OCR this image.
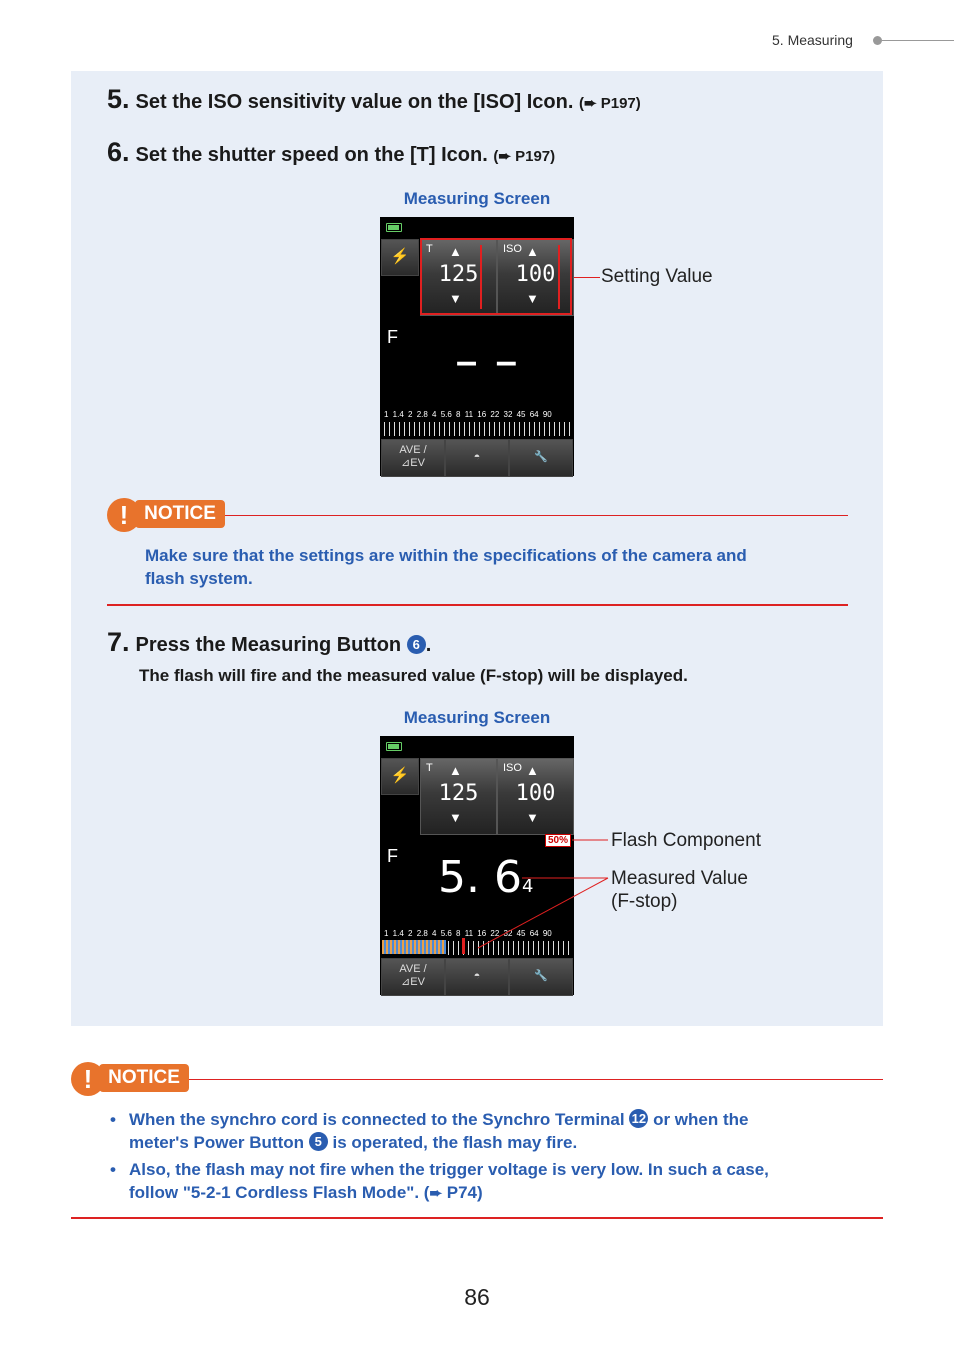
5. Measuring
5. Set the ISO sensitivity value on the [ISO] Icon. (➨ P197)
6. Set the shutter speed on the [T] Icon. (➨ P197)
Measuring Screen
⚡	T ▲
125
▼
ISO ▲
100
▼
F
– –
1 1.4 2 2.8 4 5.6 8 11 16 22 32 45 64 90
AVE /
⊿EV	◓	🔧
Setting Value
NOTICE
!
Make sure that the settings are within the specifications of the camera and
flash system.
7. Press the Measuring Button 6 .
The flash will fire and the measured value (F-stop) will be displayed.
Measuring Screen
⚡	T ▲
125
▼
ISO ▲
100
▼
50%
F 5. 64
1 1.4 2 2.8 4 5.6 8 11 16 22 32 45 64 90
AVE /
⊿EV	◓	🔧
Flash Component
Measured Value
(F-stop)
NOTICE
!
• When the synchro cord is connected to the Synchro Terminal 12 or when the
meter's Power Button 5 is operated, the flash may fire.
• Also, the flash may not fire when the trigger voltage is very low. In such a case,
follow "5-2-1 Cordless Flash Mode". (➨ P74)
86
